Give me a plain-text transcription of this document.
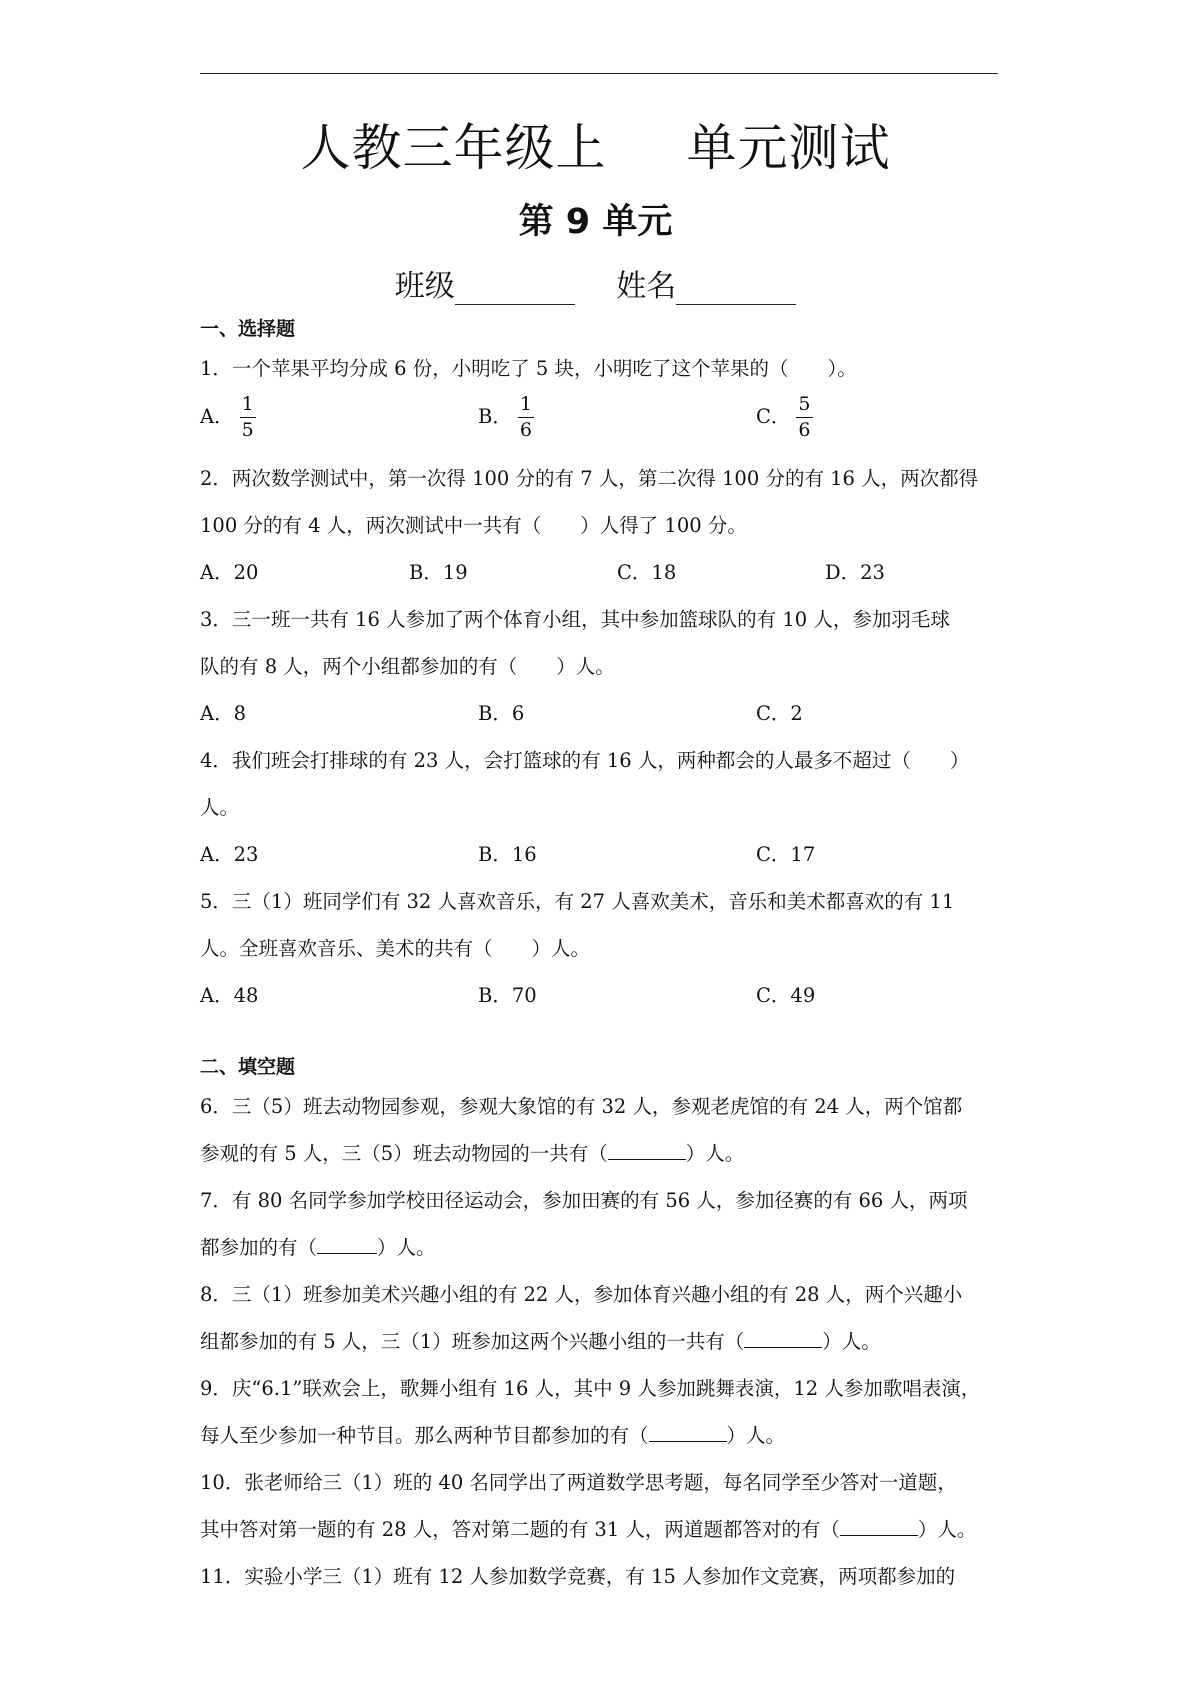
人教三年级上 单元测试
第 9 单元
班级	姓名
一、选择题
1．一个苹果平均分成 6 份，小明吃了 5 块，小明吃了这个苹果的（　　）。
A． $\frac{1}{5}$	B． $\frac{1}{6}$	C． $\frac{5}{6}$
2．两次数学测试中，第一次得 100 分的有 7 人，第二次得 100 分的有 16 人，两次都得
100 分的有 4 人，两次测试中一共有（　　）人得了 100 分。
A．20	B．19	C．18	D．23
3．三一班一共有 16 人参加了两个体育小组，其中参加篮球队的有 10 人，参加羽毛球
队的有 8 人，两个小组都参加的有（　　）人。
A．8	B．6	C．2
4．我们班会打排球的有 23 人，会打篮球的有 16 人，两种都会的人最多不超过（　　）
人。
A．23	B．16	C．17
5．三（1）班同学们有 32 人喜欢音乐，有 27 人喜欢美术，音乐和美术都喜欢的有 11
人。全班喜欢音乐、美术的共有（　　）人。
A．48	B．70	C．49
二、填空题
6．三（5）班去动物园参观，参观大象馆的有 32 人，参观老虎馆的有 24 人，两个馆都
参观的有 5 人，三（5）班去动物园的一共有（	）人。
7．有 80 名同学参加学校田径运动会，参加田赛的有 56 人，参加径赛的有 66 人，两项
都参加的有（	）人。
8．三（1）班参加美术兴趣小组的有 22 人，参加体育兴趣小组的有 28 人，两个兴趣小
组都参加的有 5 人，三（1）班参加这两个兴趣小组的一共有（	）人。
9．庆“6.1”联欢会上，歌舞小组有 16 人，其中 9 人参加跳舞表演，12 人参加歌唱表演，
每人至少参加一种节目。那么两种节目都参加的有（	）人。
10．张老师给三（1）班的 40 名同学出了两道数学思考题，每名同学至少答对一道题，
其中答对第一题的有 28 人，答对第二题的有 31 人，两道题都答对的有（	）人。
11．实验小学三（1）班有 12 人参加数学竞赛，有 15 人参加作文竞赛，两项都参加的
